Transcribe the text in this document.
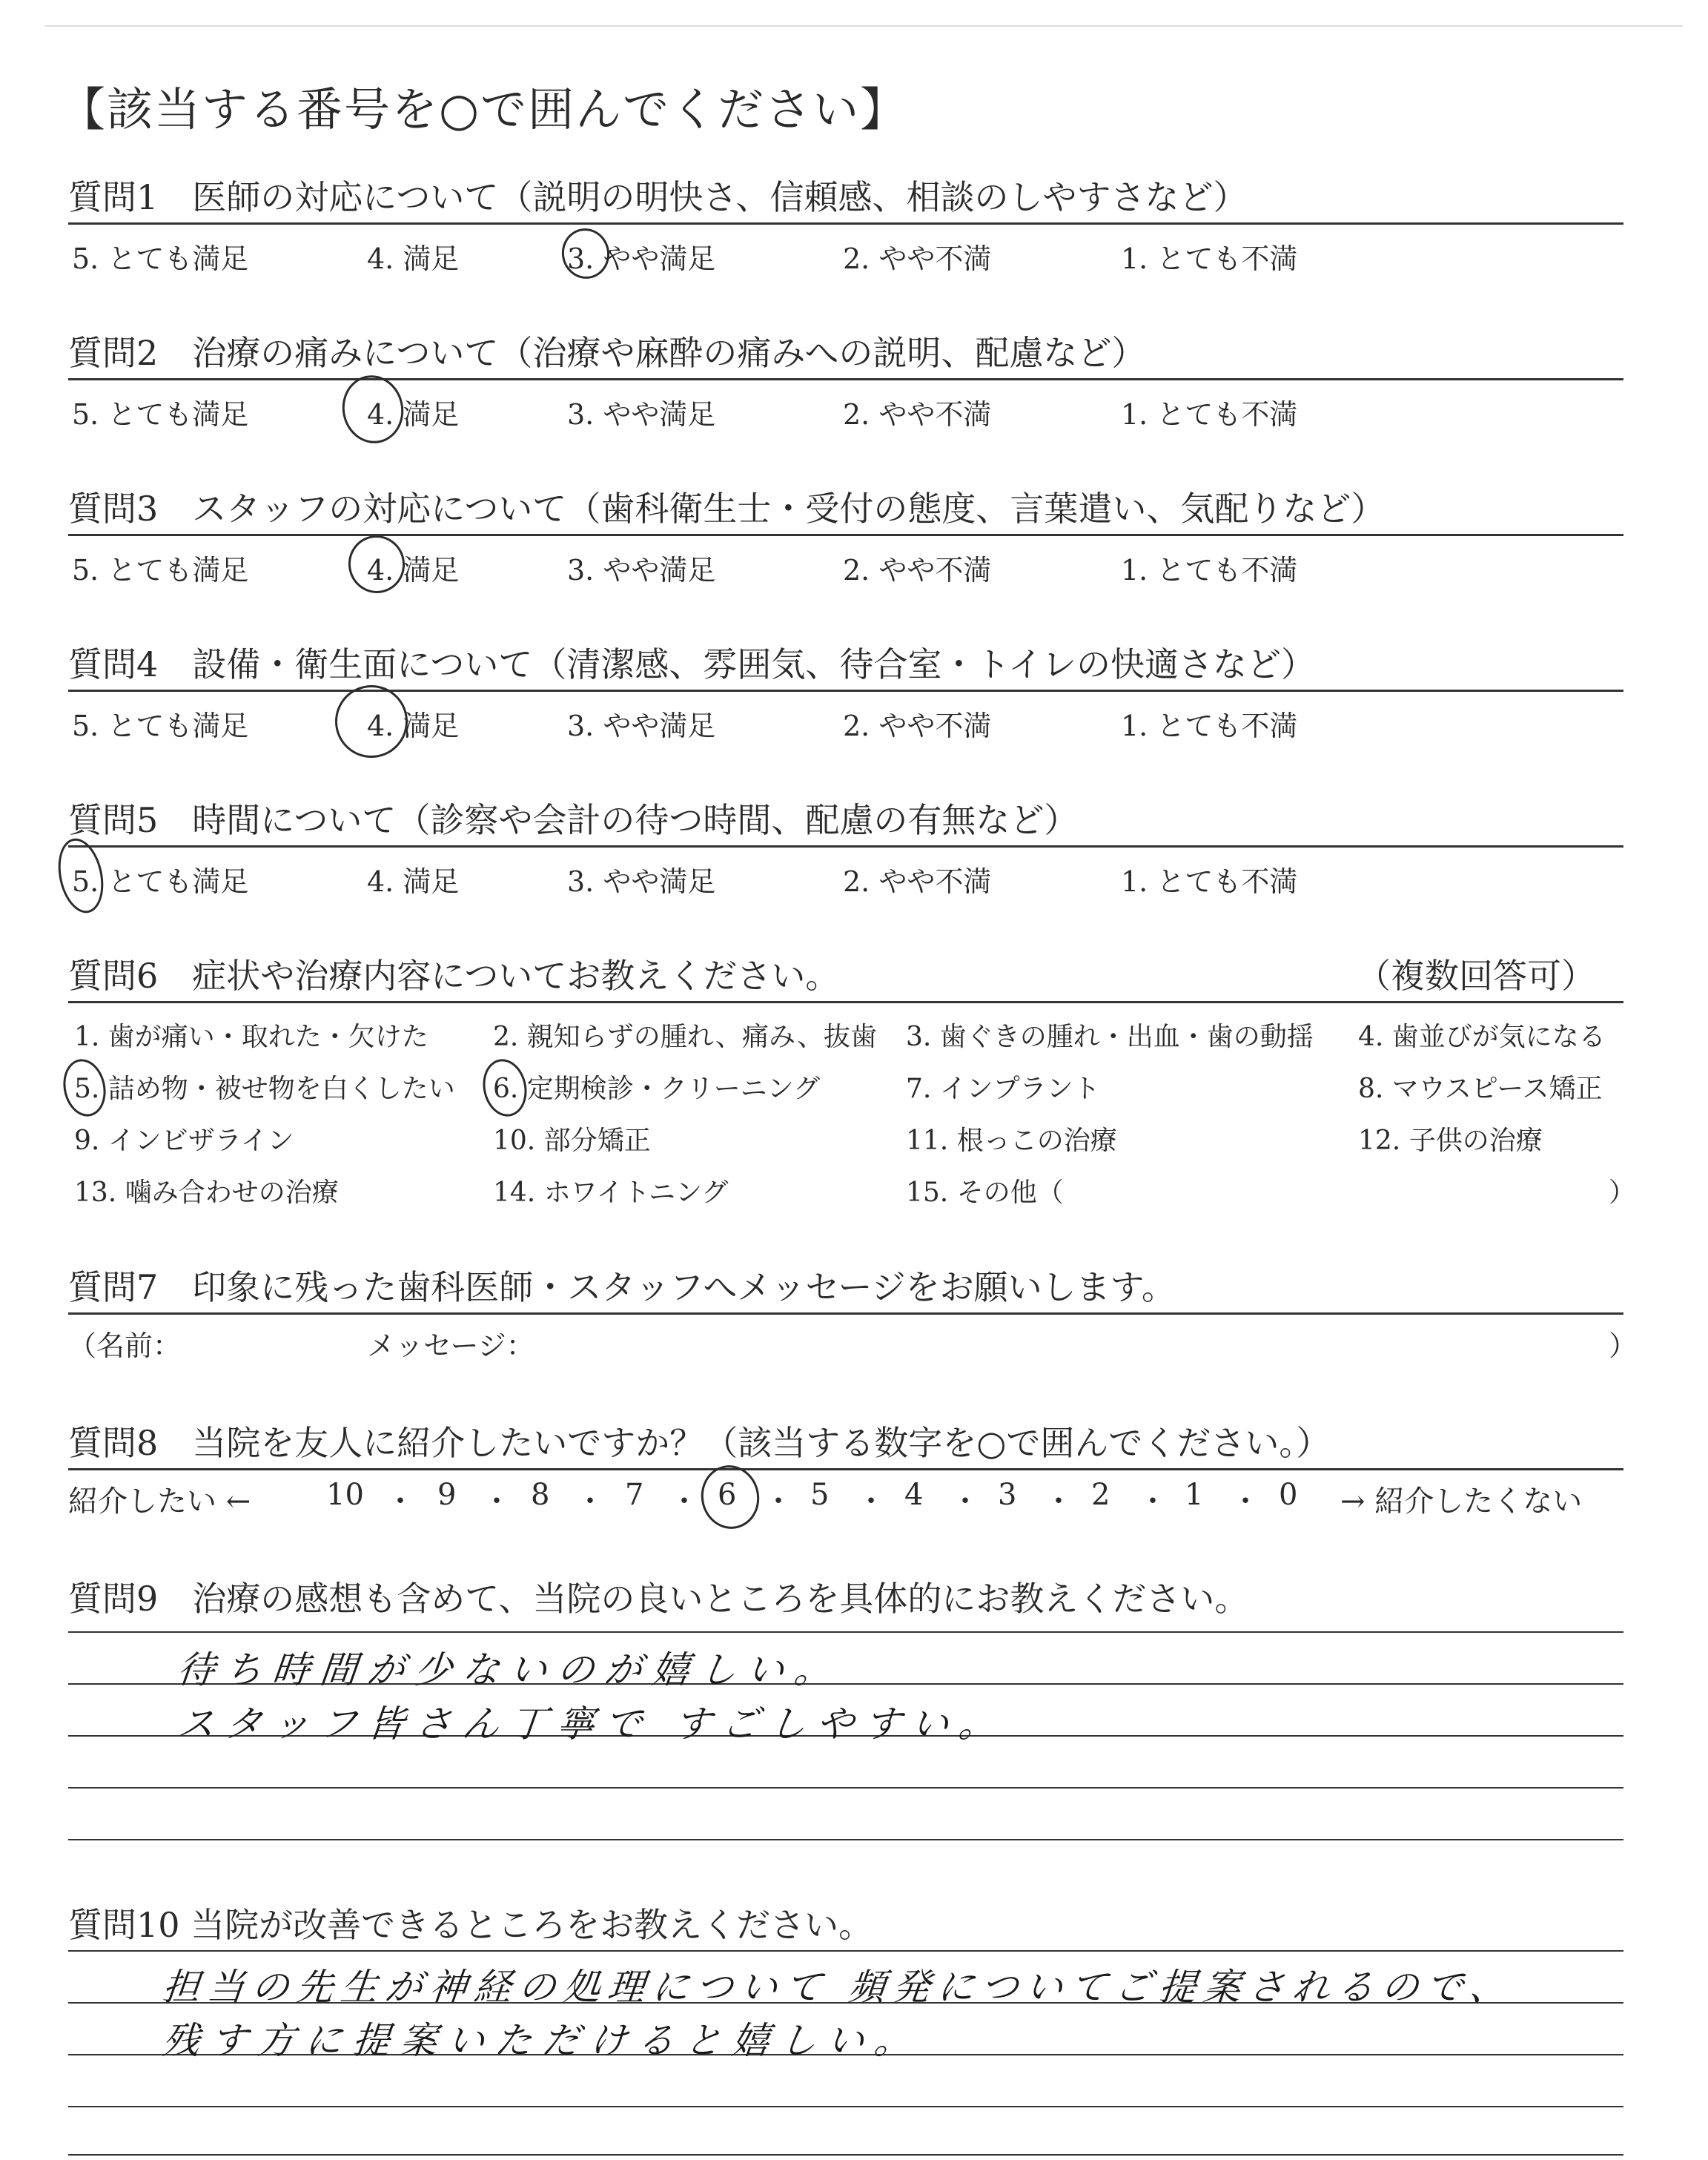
【該当する番号を○で囲んでください】
質問1　医師の対応について（説明の明快さ、信頼感、相談のしやすさなど）
5. とても満足	4. 満足	3. やや満足	2. やや不満	1. とても不満
質問2　治療の痛みについて（治療や麻酔の痛みへの説明、配慮など）
5. とても満足	4. 満足	3. やや満足	2. やや不満	1. とても不満
質問3　スタッフの対応について（歯科衛生士・受付の態度、言葉遣い、気配りなど）
5. とても満足	4. 満足	3. やや満足	2. やや不満	1. とても不満
質問4　設備・衛生面について（清潔感、雰囲気、待合室・トイレの快適さなど）
5. とても満足	4. 満足	3. やや満足	2. やや不満	1. とても不満
質問5　時間について（診察や会計の待つ時間、配慮の有無など）
5. とても満足	4. 満足	3. やや満足	2. やや不満	1. とても不満
質問6　症状や治療内容についてお教えください。	（複数回答可）
1. 歯が痛い・取れた・欠けた 2. 親知らずの腫れ、痛み、抜歯 3. 歯ぐきの腫れ・出血・歯の動揺 4. 歯並びが気になる
5. 詰め物・被せ物を白くしたい 6. 定期検診・クリーニング	7. インプラント	8. マウスピース矯正
9. インビザライン	10. 部分矯正	11. 根っこの治療	12. 子供の治療
13. 噛み合わせの治療	14. ホワイトニング	15. その他（	）
質問7　印象に残った歯科医師・スタッフへメッセージをお願いします。
（名前：	メッセージ：	）
質問8　当院を友人に紹介したいですか？（該当する数字を○で囲んでください。）
紹介したい ←	10 ・ 9 ・ 8 ・ 7 ・ 6 ・ 5 ・ 4 ・ 3 ・ 2 ・ 1 ・ 0 → 紹介したくない
質問9　治療の感想も含めて、当院の良いところを具体的にお教えください。
待ち時間が少ないのが嬉しい。
スタッフ皆さん丁寧で すごしやすい。
質問10 当院が改善できるところをお教えください。
担当の先生が神経の処理について 頻発についてご提案されるので、
残す方に提案いただけると嬉しい。
